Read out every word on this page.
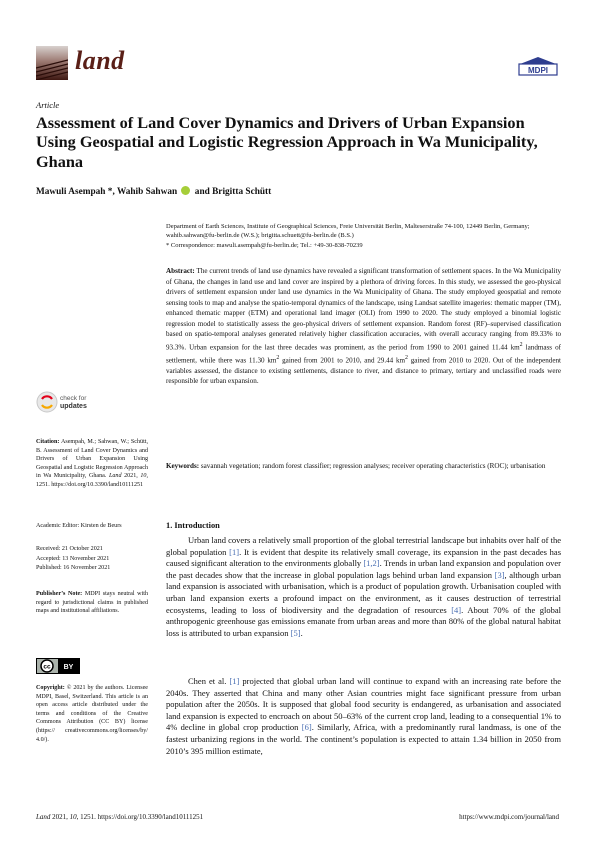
land	MDPI
Article
Assessment of Land Cover Dynamics and Drivers of Urban Expansion Using Geospatial and Logistic Regression Approach in Wa Municipality, Ghana
Mawuli Asempah *, Wahib Sahwan and Brigitta Schütt

Department of Earth Sciences, Institute of Geographical Sciences, Freie Universität Berlin, Malteserstraße 74-100, 12449 Berlin, Germany; wahib.sahwan@fu-berlin.de (W.S.); brigitta.schuett@fu-berlin.de (B.S.)

* Correspondence: mawuli.asempah@fu-berlin.de; Tel.: +49-30-838-70239

Abstract: The current trends of land use dynamics have revealed a significant transformation of settlement spaces. In the Wa Municipality of Ghana, the changes in land use and land cover are inspired by a plethora of driving forces. In this study, we assessed the geo-physical drivers of settlement expansion under land use dynamics in the Wa Municipality of Ghana. The study employed geospatial and remote sensing tools to map and analyse the spatio-temporal dynamics of the landscape, using Landsat satellite imageries: thematic mapper (TM), enhanced thematic mapper (ETM) and operational land imager (OLI) from 1990 to 2020. The study employed a binomial logistic regression model to statistically assess the geo-physical drivers of settlement expansion. Random forest (RF)–supervised classification based on spatio-temporal analyses generated relatively higher classification accuracies, with overall accuracy ranging from 89.33% to 93.3%. Urban expansion for the last three decades was prominent, as the period from 1990 to 2001 gained 11.44 $km^2$ landmass of settlement, while there was 11.30 $km^2$ gained from 2001 to 2010, and 29.44 $km^2$ gained from 2010 to 2020. Out of the independent variables assessed, the distance to existing settlements, distance to river, and distance to primary, tertiary and unclassified roads were responsible for urban expansion.

Keywords: savannah vegetation; random forest classifier; regression analyses; receiver operating characteristics (ROC); urbanisation

check for
updates

Citation: Asempah, M.; Sahwan, W.; Schütt, B. Assessment of Land Cover Dynamics and Drivers of Urban Expansion Using Geospatial and Logistic Regression Approach in Wa Municipality, Ghana. Land 2021, 10, 1251. https://doi.org/10.3390/land10111251

Academic Editor: Kirsten de Beurs

Received: 21 October 2021
Accepted: 13 November 2021
Published: 16 November 2021

Publisher’s Note: MDPI stays neutral with regard to jurisdictional claims in published maps and institutional affiliations.

cc BY

Copyright: © 2021 by the authors. Licensee MDPI, Basel, Switzerland. This article is an open access article distributed under the terms and conditions of the Creative Commons Attribution (CC BY) license (https:// creativecommons.org/licenses/by/ 4.0/).

1. Introduction

Urban land covers a relatively small proportion of the global terrestrial landscape but inhabits over half of the global population [1]. It is evident that despite its relatively small coverage, its expansion in the past decades has caused significant alteration to the environments globally [1,2]. Trends in urban land expansion and population over the past decades show that the increase in global population lags behind urban land expansion [3], although urban land expansion is associated with urbanisation, which is a product of population growth. Urbanisation coupled with urban land expansion exerts a profound impact on the environment, as it causes destruction of terrestrial ecosystems, leading to loss of biodiversity and the degradation of resources [4]. About 70% of the global anthropogenic greenhouse gas emissions emanate from urban areas and more than 80% of the global natural habitat loss is attributed to urban expansion [5].

Chen et al. [1] projected that global urban land will continue to expand with an increasing rate before the 2040s. They asserted that China and many other Asian countries might face significant pressure from urban population after the 2050s. It is supposed that global food security is endangered, as urbanisation and associated land expansion is expected to encroach on about 50–63% of the current crop land, leading to a consequential 1% to 4% decline in global crop production [6]. Similarly, Africa, with a predominantly rural landmass, is one of the fastest urbanizing regions in the world. The continent’s population is expected to attain 1.34 billion in 2050 from 2010’s 395 million estimate,

Land 2021, 10, 1251. https://doi.org/10.3390/land10111251	https://www.mdpi.com/journal/land
